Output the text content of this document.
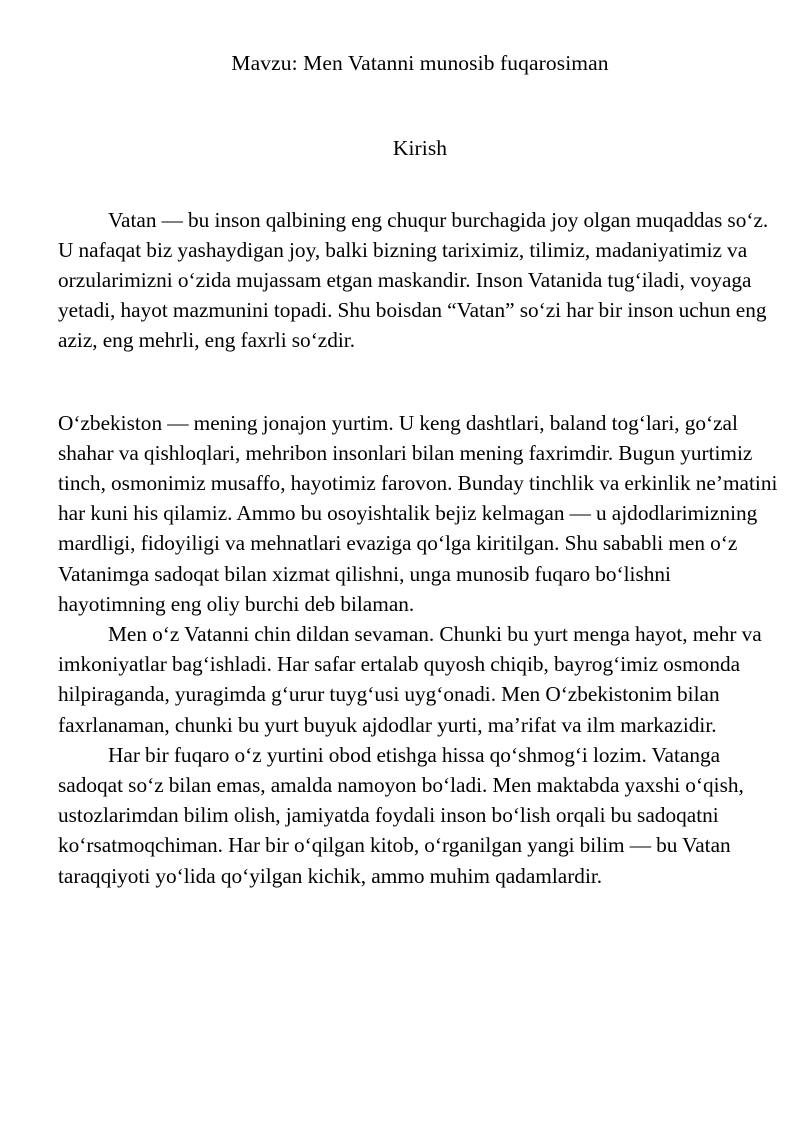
Mavzu: Men Vatanni munosib fuqarosiman
Kirish

Vatan — bu inson qalbining eng chuqur burchagida joy olgan muqaddas soʻz. U nafaqat biz yashaydigan joy, balki bizning tariximiz, tilimiz, madaniyatimiz va orzularimizni oʻzida mujassam etgan maskandir. Inson Vatanida tugʻiladi, voyaga yetadi, hayot mazmunini topadi. Shu boisdan “Vatan” soʻzi har bir inson uchun eng aziz, eng mehrli, eng faxrli soʻzdir.

Oʻzbekiston — mening jonajon yurtim. U keng dashtlari, baland togʻlari, goʻzal shahar va qishloqlari, mehribon insonlari bilan mening faxrimdir. Bugun yurtimiz tinch, osmonimiz musaffo, hayotimiz farovon. Bunday tinchlik va erkinlik ne’matini har kuni his qilamiz. Ammo bu osoyishtalik bejiz kelmagan — u ajdodlarimizning mardligi, fidoyiligi va mehnatlari evaziga qoʻlga kiritilgan. Shu sababli men oʻz Vatanimga sadoqat bilan xizmat qilishni, unga munosib fuqaro boʻlishni hayotimning eng oliy burchi deb bilaman.

Men oʻz Vatanni chin dildan sevaman. Chunki bu yurt menga hayot, mehr va imkoniyatlar bagʻishladi. Har safar ertalab quyosh chiqib, bayrogʻimiz osmonda hilpiraganda, yuragimda gʻurur tuygʻusi uygʻonadi. Men Oʻzbekistonim bilan faxrlanaman, chunki bu yurt buyuk ajdodlar yurti, ma’rifat va ilm markazidir.

Har bir fuqaro oʻz yurtini obod etishga hissa qoʻshmogʻi lozim. Vatanga sadoqat soʻz bilan emas, amalda namoyon boʻladi. Men maktabda yaxshi oʻqish, ustozlarimdan bilim olish, jamiyatda foydali inson boʻlish orqali bu sadoqatni koʻrsatmoqchiman. Har bir oʻqilgan kitob, oʻrganilgan yangi bilim — bu Vatan taraqqiyoti yoʻlida qoʻyilgan kichik, ammo muhim qadamlardir.
